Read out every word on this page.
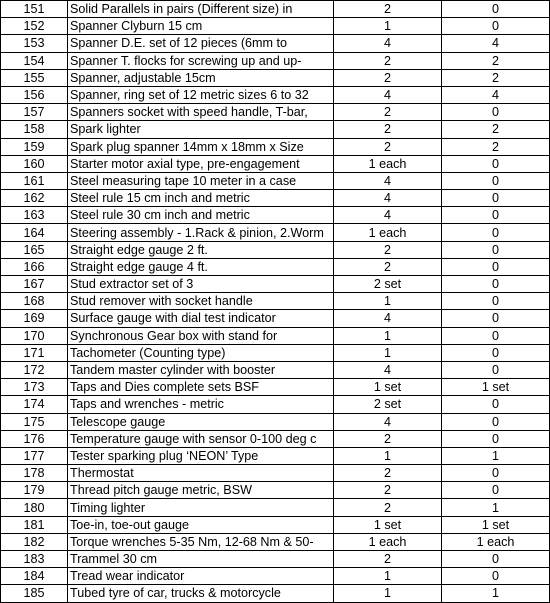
151	Solid Parallels in pairs (Different size) in	2	0
152	Spanner Clyburn 15 cm	1	0
153	Spanner D.E. set of 12 pieces (6mm to	4	4
154	Spanner T. flocks for screwing up and up-	2	2
155	Spanner, adjustable 15cm	2	2
156	Spanner, ring set of 12 metric sizes 6 to 32	4	4
157	Spanners socket with speed handle, T-bar,	2	0
158	Spark lighter	2	2
159	Spark plug spanner 14mm x 18mm x Size	2	2
160	Starter motor axial type, pre-engagement	1 each	0
161	Steel measuring tape 10 meter in a case	4	0
162	Steel rule 15 cm inch and metric	4	0
163	Steel rule 30 cm inch and metric	4	0
164	Steering assembly - 1.Rack & pinion, 2.Worm	1 each	0
165	Straight edge gauge 2 ft.	2	0
166	Straight edge gauge 4 ft.	2	0
167	Stud extractor set of 3	2 set	0
168	Stud remover with socket handle	1	0
169	Surface gauge with dial test indicator	4	0
170	Synchronous Gear box with stand for	1	0
171	Tachometer (Counting type)	1	0
172	Tandem master cylinder with booster	4	0
173	Taps and Dies complete sets BSF	1 set	1 set
174	Taps and wrenches - metric	2 set	0
175	Telescope gauge	4	0
176	Temperature gauge with sensor 0-100 deg c	2	0
177	Tester sparking plug ‘NEON’ Type	1	1
178	Thermostat	2	0
179	Thread pitch gauge metric, BSW	2	0
180	Timing lighter	2	1
181	Toe-in, toe-out gauge	1 set	1 set
182	Torque wrenches 5-35 Nm, 12-68 Nm & 50-	1 each	1 each
183	Trammel 30 cm	2	0
184	Tread wear indicator	1	0
185	Tubed tyre of car, trucks & motorcycle	1	1
